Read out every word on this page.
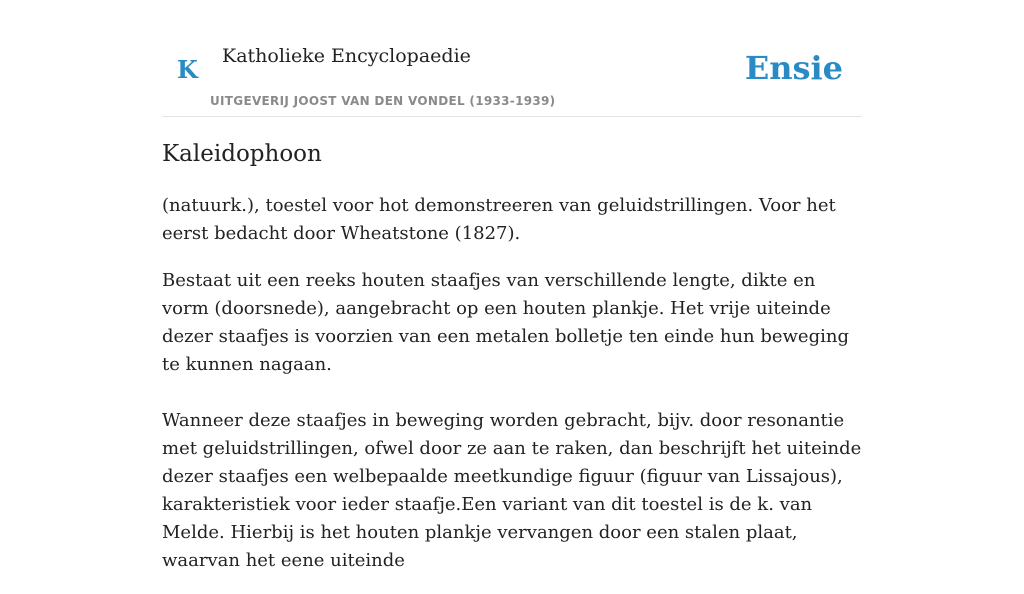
K Katholieke Encyclopaedie
UITGEVERIJ JOOST VAN DEN VONDEL (1933-1939)
Ensie
Kaleidophoon

(natuurk.), toestel voor hot demonstreeren van geluidstrillingen. Voor het eerst bedacht door Wheatstone (1827).

Bestaat uit een reeks houten staafjes van verschillende lengte, dikte en vorm (doorsnede), aangebracht op een houten plankje. Het vrije uiteinde dezer staafjes is voorzien van een metalen bolletje ten einde hun beweging te kunnen nagaan.

Wanneer deze staafjes in beweging worden gebracht, bijv. door resonantie met geluidstrillingen, ofwel door ze aan te raken, dan beschrijft het uiteinde dezer staafjes een welbepaalde meetkundige figuur (figuur van Lissajous), karakteristiek voor ieder staafje.Een variant van dit toestel is de k. van Melde. Hierbij is het houten plankje vervangen door een stalen plaat, waarvan het eene uiteinde
